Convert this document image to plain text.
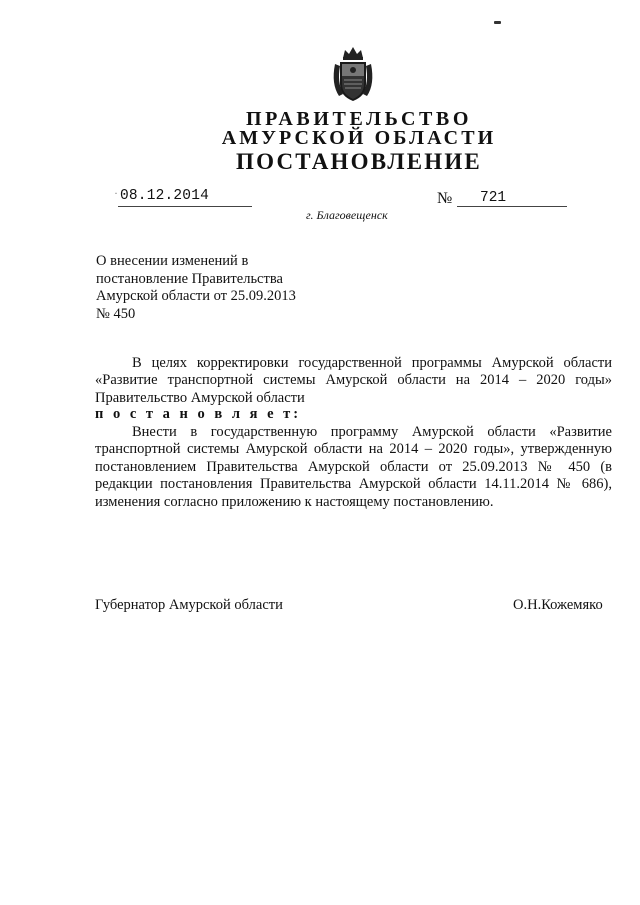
ПРАВИТЕЛЬСТВО
АМУРСКОЙ ОБЛАСТИ
ПОСТАНОВЛЕНИЕ
· 08.12.2014	№ 721
г. Благовещенск
О внесении изменений в
постановление Правительства
Амурской области от 25.09.2013
№ 450

В целях корректировки государственной программы Амурской области «Развитие транспортной системы Амурской области на 2014 – 2020 годы» Правительство Амурской области

п о с т а н о в л я е т:

Внести в государственную программу Амурской области «Развитие транспортной системы Амурской области на 2014 – 2020 годы», утвержденную постановлением Правительства Амурской области от 25.09.2013 № 450 (в редакции постановления Правительства Амурской области 14.11.2014 № 686), изменения согласно приложению к настоящему постановлению.

Губернатор Амурской области	О.Н.Кожемяко
